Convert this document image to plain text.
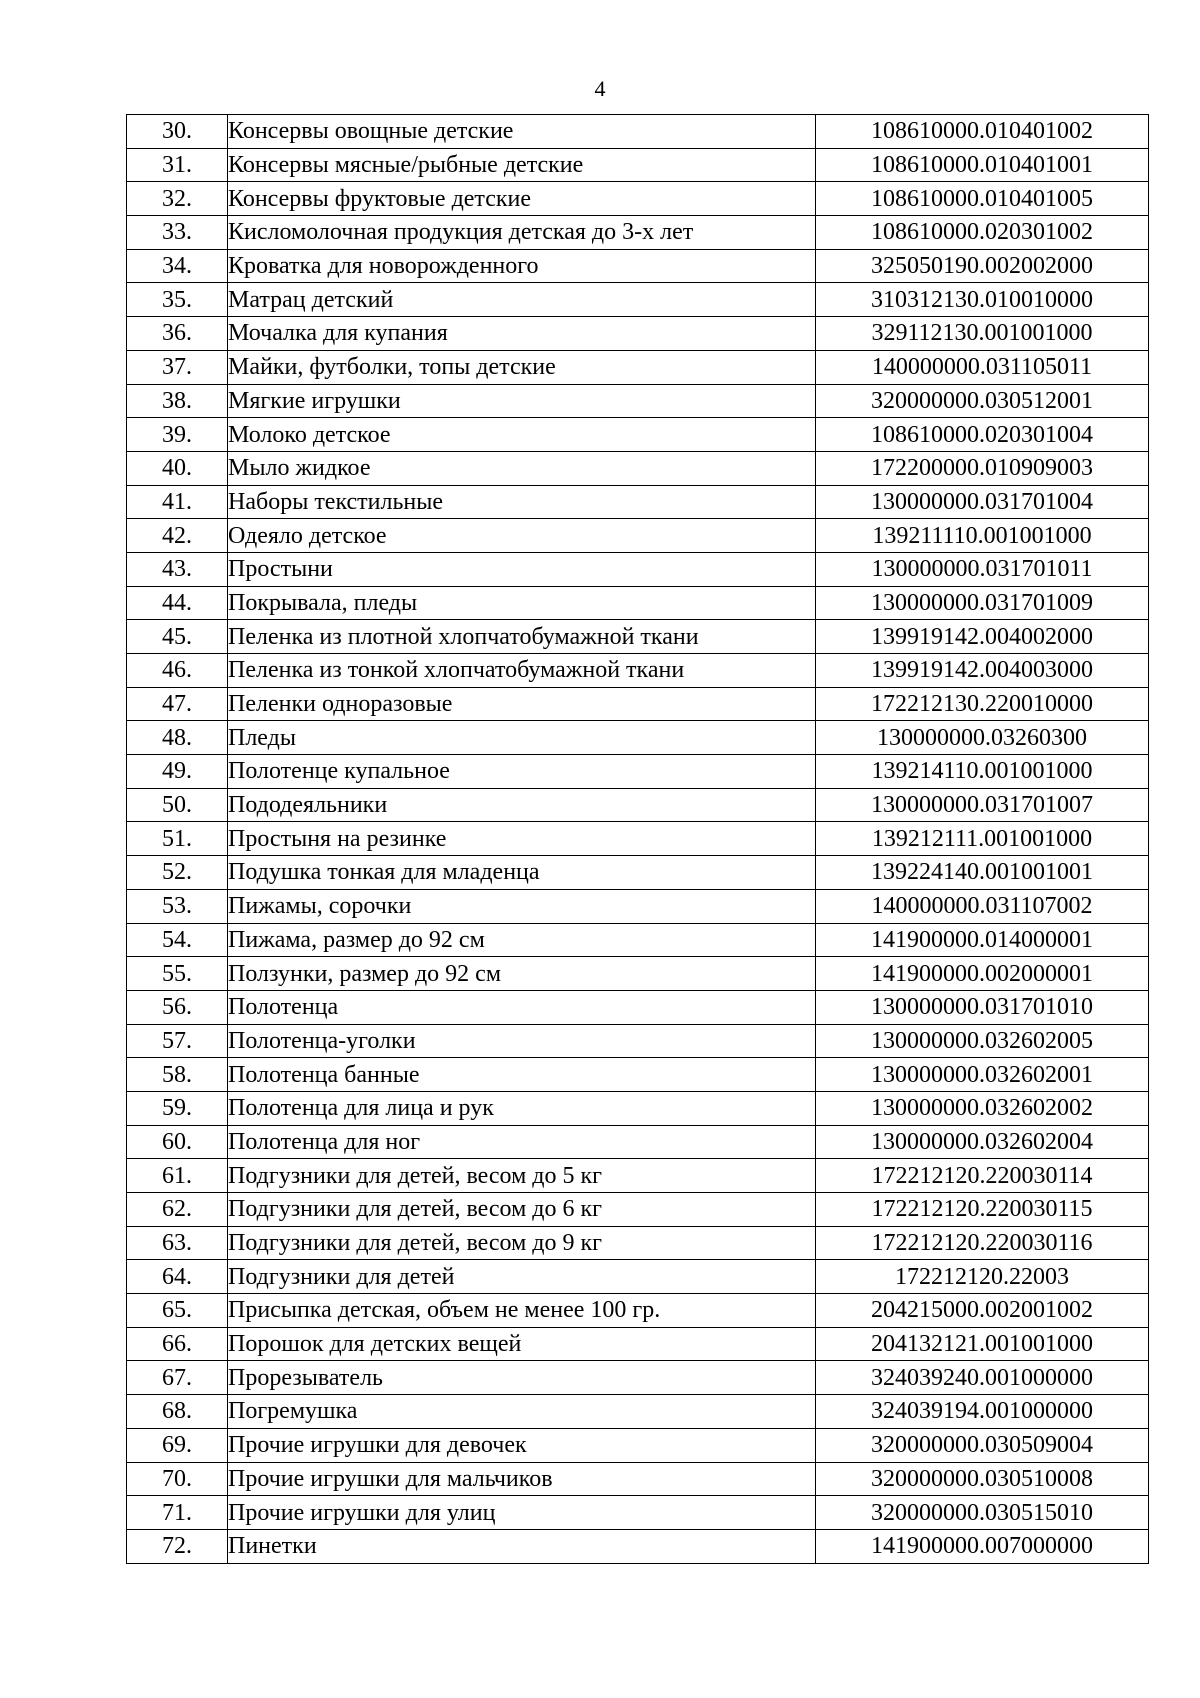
4
30.	Консервы овощные детские	108610000.010401002
31.	Консервы мясные/рыбные детские	108610000.010401001
32.	Консервы фруктовые детские	108610000.010401005
33.	Кисломолочная продукция детская до 3-х лет	108610000.020301002
34.	Кроватка для новорожденного	325050190.002002000
35.	Матрац детский	310312130.010010000
36.	Мочалка для купания	329112130.001001000
37.	Майки, футболки, топы детские	140000000.031105011
38.	Мягкие игрушки	320000000.030512001
39.	Молоко детское	108610000.020301004
40.	Мыло жидкое	172200000.010909003
41.	Наборы текстильные	130000000.031701004
42.	Одеяло детское	139211110.001001000
43.	Простыни	130000000.031701011
44.	Покрывала, пледы	130000000.031701009
45.	Пеленка из плотной хлопчатобумажной ткани	139919142.004002000
46.	Пеленка из тонкой хлопчатобумажной ткани	139919142.004003000
47.	Пеленки одноразовые	172212130.220010000
48.	Пледы	130000000.03260300
49.	Полотенце купальное	139214110.001001000
50.	Пододеяльники	130000000.031701007
51.	Простыня на резинке	139212111.001001000
52.	Подушка тонкая для младенца	139224140.001001001
53.	Пижамы, сорочки	140000000.031107002
54.	Пижама, размер до 92 см	141900000.014000001
55.	Ползунки, размер до 92 см	141900000.002000001
56.	Полотенца	130000000.031701010
57.	Полотенца-уголки	130000000.032602005
58.	Полотенца банные	130000000.032602001
59.	Полотенца для лица и рук	130000000.032602002
60.	Полотенца для ног	130000000.032602004
61.	Подгузники для детей, весом до 5 кг	172212120.220030114
62.	Подгузники для детей, весом до 6 кг	172212120.220030115
63.	Подгузники для детей, весом до 9 кг	172212120.220030116
64.	Подгузники для детей	172212120.22003
65.	Присыпка детская, объем не менее 100 гр.	204215000.002001002
66.	Порошок для детских вещей	204132121.001001000
67.	Прорезыватель	324039240.001000000
68.	Погремушка	324039194.001000000
69.	Прочие игрушки для девочек	320000000.030509004
70.	Прочие игрушки для мальчиков	320000000.030510008
71.	Прочие игрушки для улиц	320000000.030515010
72.	Пинетки	141900000.007000000
